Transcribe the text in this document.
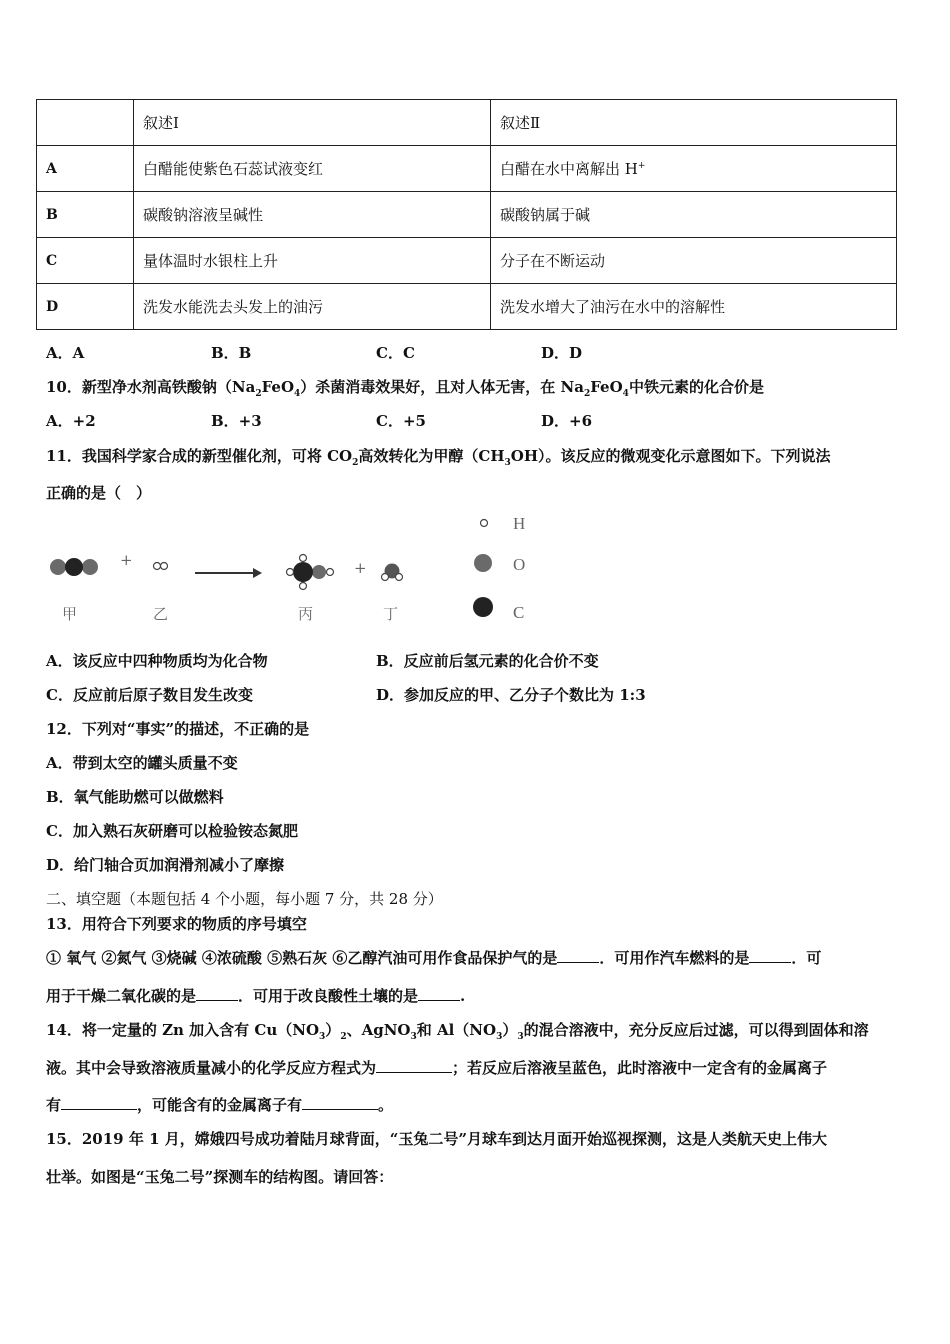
	叙述Ⅰ	叙述Ⅱ
A	白醋能使紫色石蕊试液变红	白醋在水中离解出 H+
B	碳酸钠溶液呈碱性	碳酸钠属于碱
C	量体温时水银柱上升	分子在不断运动
D	洗发水能洗去头发上的油污	洗发水增大了油污在水中的溶解性
A．A	B．B	C．C	D．D
10．新型净水剂高铁酸钠$(Na_2FeO_4)$杀菌消毒效果好，且对人体无害，在 $Na_2FeO_4$中铁元素的化合价是
A．+2	B．+3	C．+5	D．+6
11．我国科学家合成的新型催化剂，可将 $CO_2$高效转化为甲醇$(CH_3OH)$。该反应的微观变化示意图如下。下列说法
正确的是（　）
+	+
甲	乙	丙	丁
H
O
C
A．该反应中四种物质均为化合物	B．反应前后氢元素的化合价不变
C．反应前后原子数目发生改变	D．参加反应的甲、乙分子个数比为 1:3
12．下列对“事实”的描述，不正确的是
A．带到太空的罐头质量不变
B．氧气能助燃可以做燃料
C．加入熟石灰研磨可以检验铵态氮肥
D．给门轴合页加润滑剂减小了摩擦
二、填空题（本题包括 4 个小题，每小题 7 分，共 28 分）
13．用符合下列要求的物质的序号填空
① 氧气 ②氮气 ③烧碱 ④浓硫酸 ⑤熟石灰 ⑥乙醇汽油可用作食品保护气的是	．可用作汽车燃料的是	．可
用于干燥二氧化碳的是	．可用于改良酸性土壤的是	.
14．将一定量的 Zn 加入含有 $Cu(NO_3)_2$、AgNO$_3$和 $Al(NO_3)_3$的混合溶液中，充分反应后过滤，可以得到固体和溶
液。其中会导致溶液质量减小的化学反应方程式为	；若反应后溶液呈蓝色，此时溶液中一定含有的金属离子
有	，可能含有的金属离子有	。
15．2019 年 1 月，嫦娥四号成功着陆月球背面，“玉兔二号”月球车到达月面开始巡视探测，这是人类航天史上伟大
壮举。如图是“玉兔二号”探测车的结构图。请回答：
